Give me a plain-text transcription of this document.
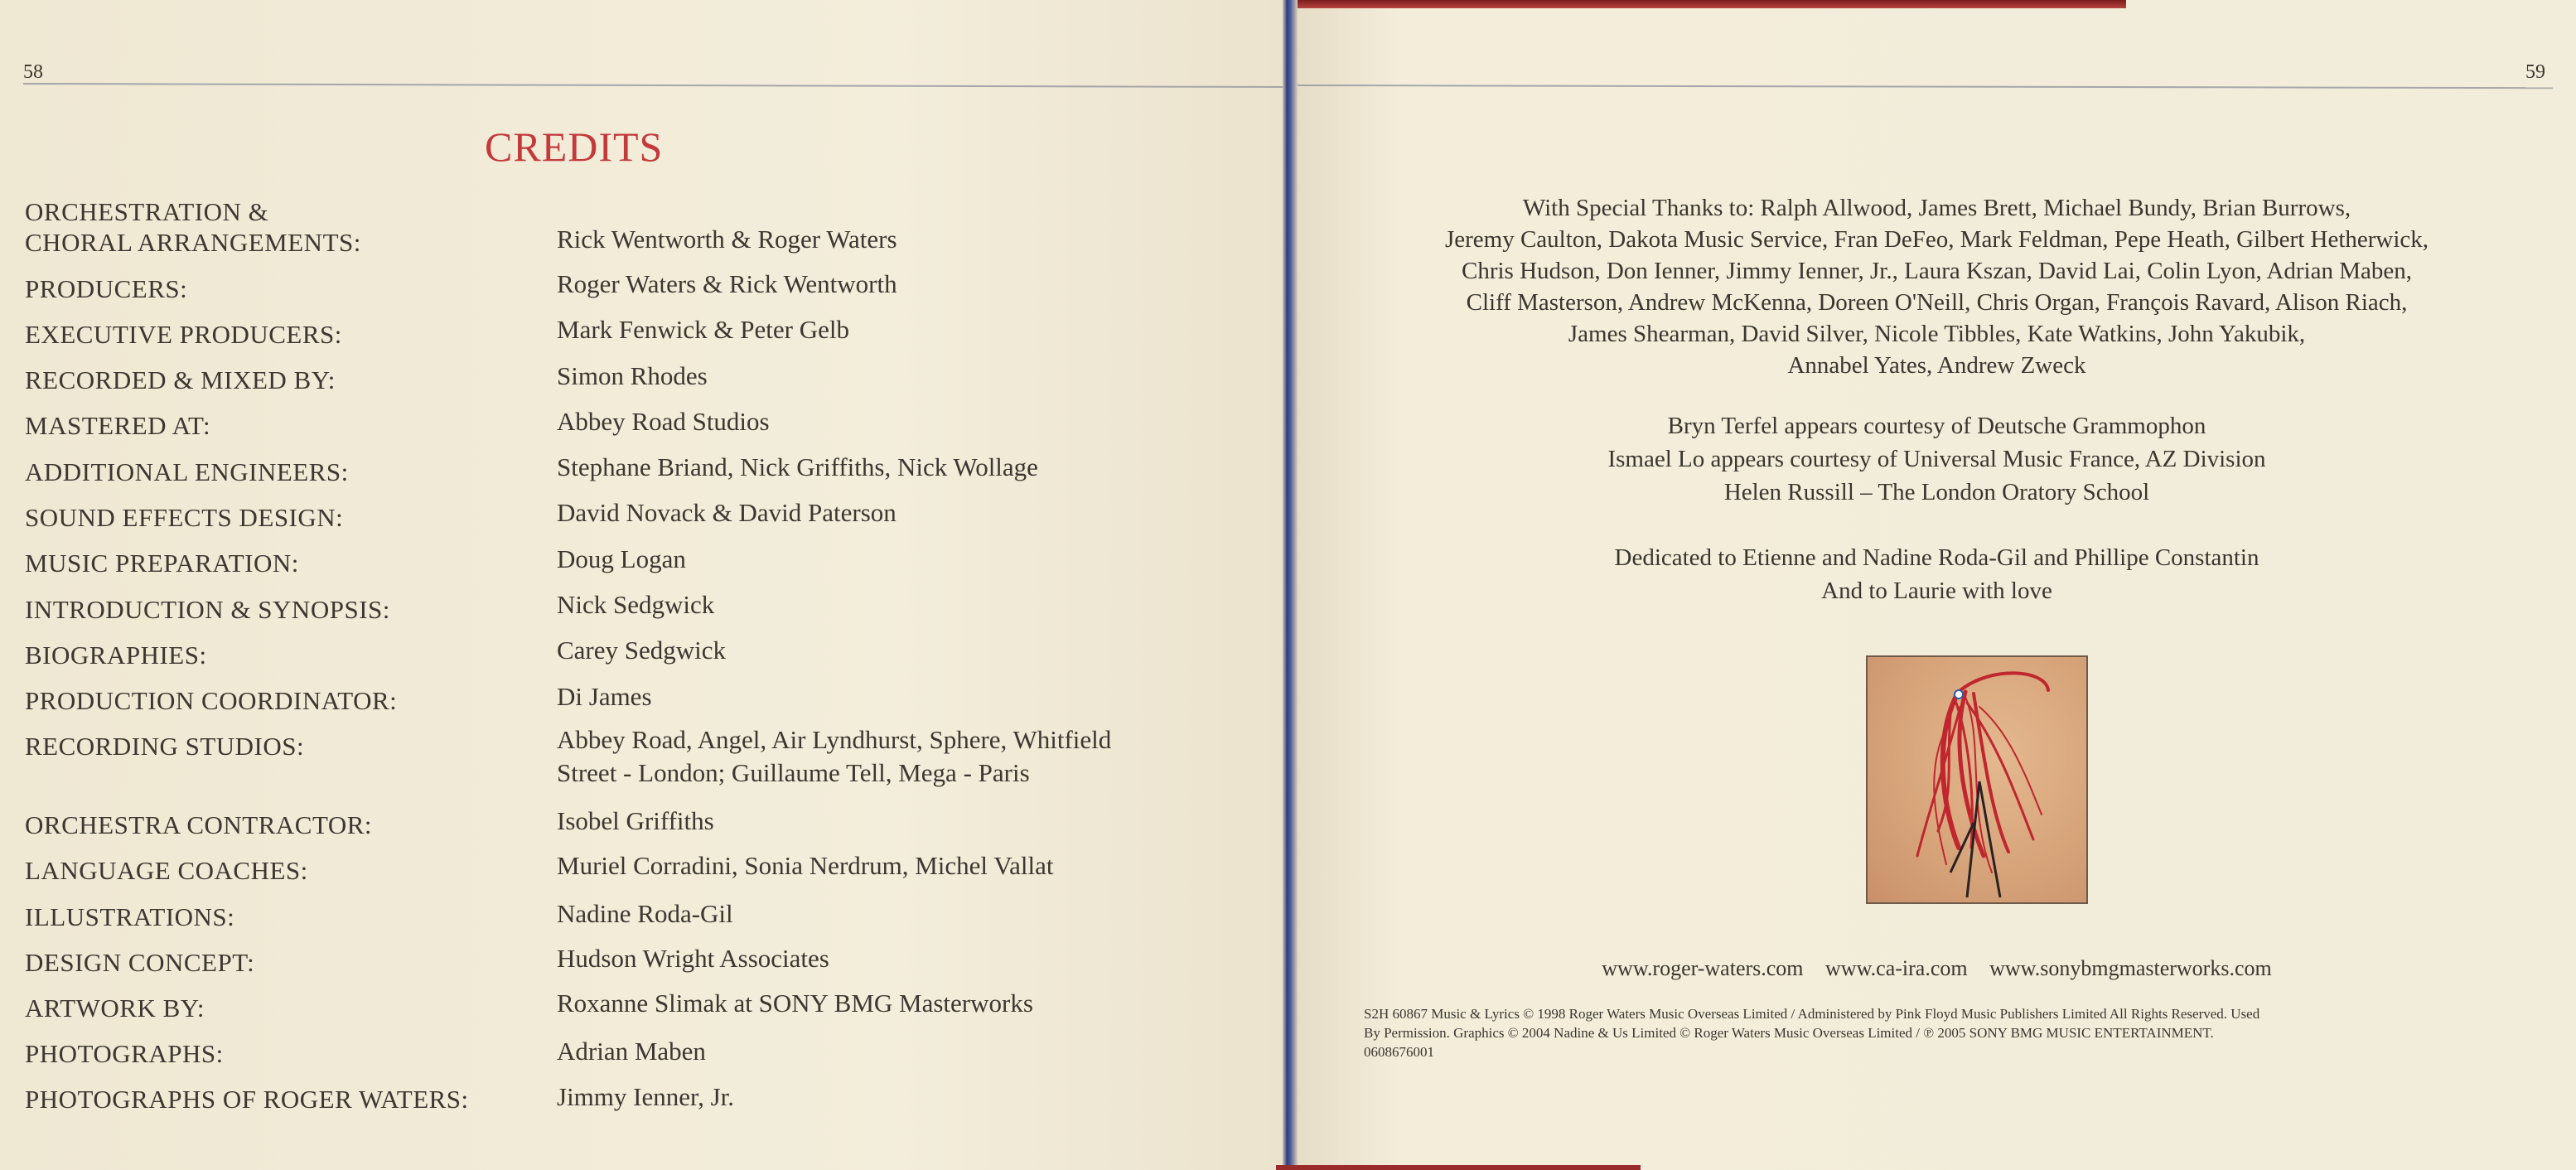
58	59
CREDITS
ORCHESTRATION &
CHORAL ARRANGEMENTS:	Rick Wentworth & Roger Waters
PRODUCERS:	Roger Waters & Rick Wentworth
EXECUTIVE PRODUCERS:	Mark Fenwick & Peter Gelb
RECORDED & MIXED BY:	Simon Rhodes
MASTERED AT:	Abbey Road Studios
ADDITIONAL ENGINEERS:	Stephane Briand, Nick Griffiths, Nick Wollage
SOUND EFFECTS DESIGN:	David Novack & David Paterson
MUSIC PREPARATION:	Doug Logan
INTRODUCTION & SYNOPSIS:	Nick Sedgwick
BIOGRAPHIES:	Carey Sedgwick
PRODUCTION COORDINATOR:	Di James
RECORDING STUDIOS:	Abbey Road, Angel, Air Lyndhurst, Sphere, Whitfield
Street - London; Guillaume Tell, Mega - Paris
ORCHESTRA CONTRACTOR:	Isobel Griffiths
LANGUAGE COACHES:	Muriel Corradini, Sonia Nerdrum, Michel Vallat
ILLUSTRATIONS:	Nadine Roda-Gil
DESIGN CONCEPT:	Hudson Wright Associates
ARTWORK BY:	Roxanne Slimak at SONY BMG Masterworks
PHOTOGRAPHS:	Adrian Maben
PHOTOGRAPHS OF ROGER WATERS:	Jimmy Ienner, Jr.
With Special Thanks to: Ralph Allwood, James Brett, Michael Bundy, Brian Burrows,
Jeremy Caulton, Dakota Music Service, Fran DeFeo, Mark Feldman, Pepe Heath, Gilbert Hetherwick,
Chris Hudson, Don Ienner, Jimmy Ienner, Jr., Laura Kszan, David Lai, Colin Lyon, Adrian Maben,
Cliff Masterson, Andrew McKenna, Doreen O'Neill, Chris Organ, François Ravard, Alison Riach,
James Shearman, David Silver, Nicole Tibbles, Kate Watkins, John Yakubik,
Annabel Yates, Andrew Zweck
Bryn Terfel appears courtesy of Deutsche Grammophon
Ismael Lo appears courtesy of Universal Music France, AZ Division
Helen Russill – The London Oratory School
Dedicated to Etienne and Nadine Roda-Gil and Phillipe Constantin
And to Laurie with love
www.roger-waters.com www.ca-ira.com www.sonybmgmasterworks.com
S2H 60867 Music & Lyrics © 1998 Roger Waters Music Overseas Limited / Administered by Pink Floyd Music Publishers Limited All Rights Reserved. Used
By Permission. Graphics © 2004 Nadine & Us Limited © Roger Waters Music Overseas Limited / ℗ 2005 SONY BMG MUSIC ENTERTAINMENT.
0608676001
